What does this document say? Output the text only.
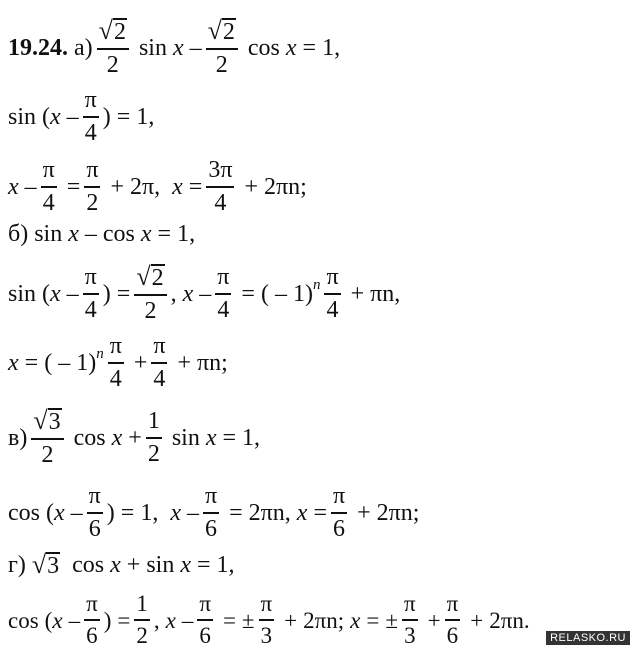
19.24. $а) \frac{√ 2}{2}$ sin x – $\frac{√ 2}{2}$ cos x = 1,
sin ( x – $\frac{\pi}{4}$ ) = 1,
$x - \frac{\pi}{4} = \frac{\pi}{2} + 2\pi$ , $x = \frac{3\pi}{4} + 2\pi n$;
б) sin x – cos x = 1,
sin ( x – $\frac{\pi}{4}$ ) = $\frac{√ 2}{2}$ , x – $\frac{\pi}{4}$ = ( – 1) n $\frac{\pi}{4} + \pi n$,
x = ( – 1) n $\frac{\pi}{4} + \frac{\pi}{4} + \pi n$;
$в) \frac{√ 3}{2}$ $\cos x + \frac{1}{2}$ sin x = 1,
cos ( x – $\frac{\pi}{6}$ ) = 1, $x - \frac{\pi}{6} = 2\pi n$, $x = \frac{\pi}{6} + 2\pi n$;
г) √ 3 cos x + sin x = 1,
cos ( x – $\frac{\pi}{6}$ ) = $\frac{1}{2}$ , x – $\frac{\pi}{6}$ = ± $\frac{\pi}{3} + 2\pi n$; x = ± $\frac{\pi}{3} + \frac{\pi}{6} + 2\pi n$.
RELASKO.RU
